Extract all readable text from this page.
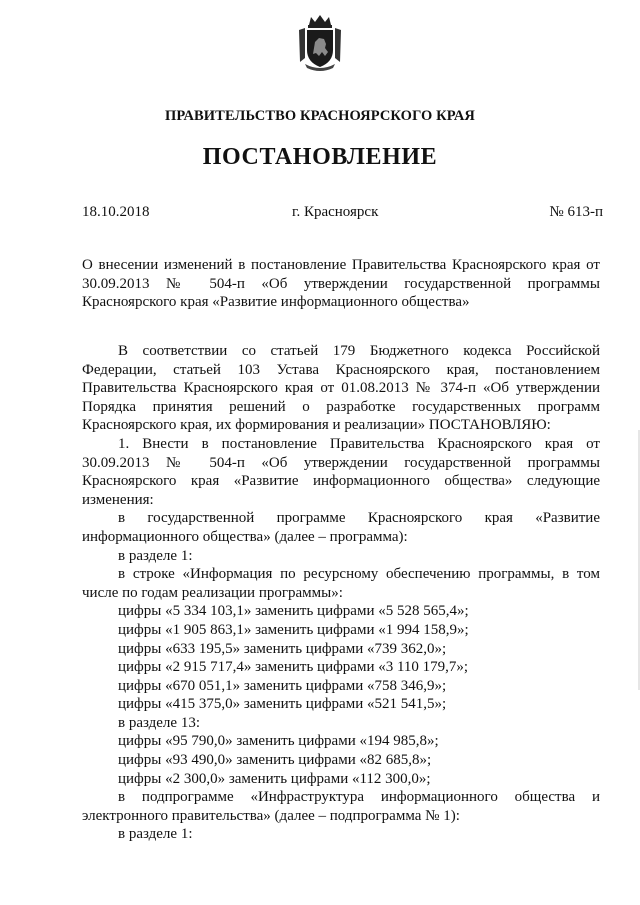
ПРАВИТЕЛЬСТВО КРАСНОЯРСКОГО КРАЯ
ПОСТАНОВЛЕНИЕ
18.10.2018	г. Красноярск	№ 613-п
О внесении изменений в постановление Правительства Красноярского края от 30.09.2013 № 504-п «Об утверждении государственной программы Красноярского края «Развитие информационного общества»

В соответствии со статьей 179 Бюджетного кодекса Российской Федерации, статьей 103 Устава Красноярского края, постановлением Правительства Красноярского края от 01.08.2013 № 374-п «Об утверждении Порядка принятия решений о разработке государственных программ Красноярского края, их формирования и реализации» ПОСТАНОВЛЯЮ:

1. Внести в постановление Правительства Красноярского края от 30.09.2013 № 504-п «Об утверждении государственной программы Красноярского края «Развитие информационного общества» следующие изменения:

в государственной программе Красноярского края «Развитие информационного общества» (далее – программа):

в разделе 1:

в строке «Информация по ресурсному обеспечению программы, в том числе по годам реализации программы»:

цифры «5 334 103,1» заменить цифрами «5 528 565,4»;

цифры «1 905 863,1» заменить цифрами «1 994 158,9»;

цифры «633 195,5» заменить цифрами «739 362,0»;

цифры «2 915 717,4» заменить цифрами «3 110 179,7»;

цифры «670 051,1» заменить цифрами «758 346,9»;

цифры «415 375,0» заменить цифрами «521 541,5»;

в разделе 13:

цифры «95 790,0» заменить цифрами «194 985,8»;

цифры «93 490,0» заменить цифрами «82 685,8»;

цифры «2 300,0» заменить цифрами «112 300,0»;

в подпрограмме «Инфраструктура информационного общества и электронного правительства» (далее – подпрограмма № 1):

в разделе 1:
